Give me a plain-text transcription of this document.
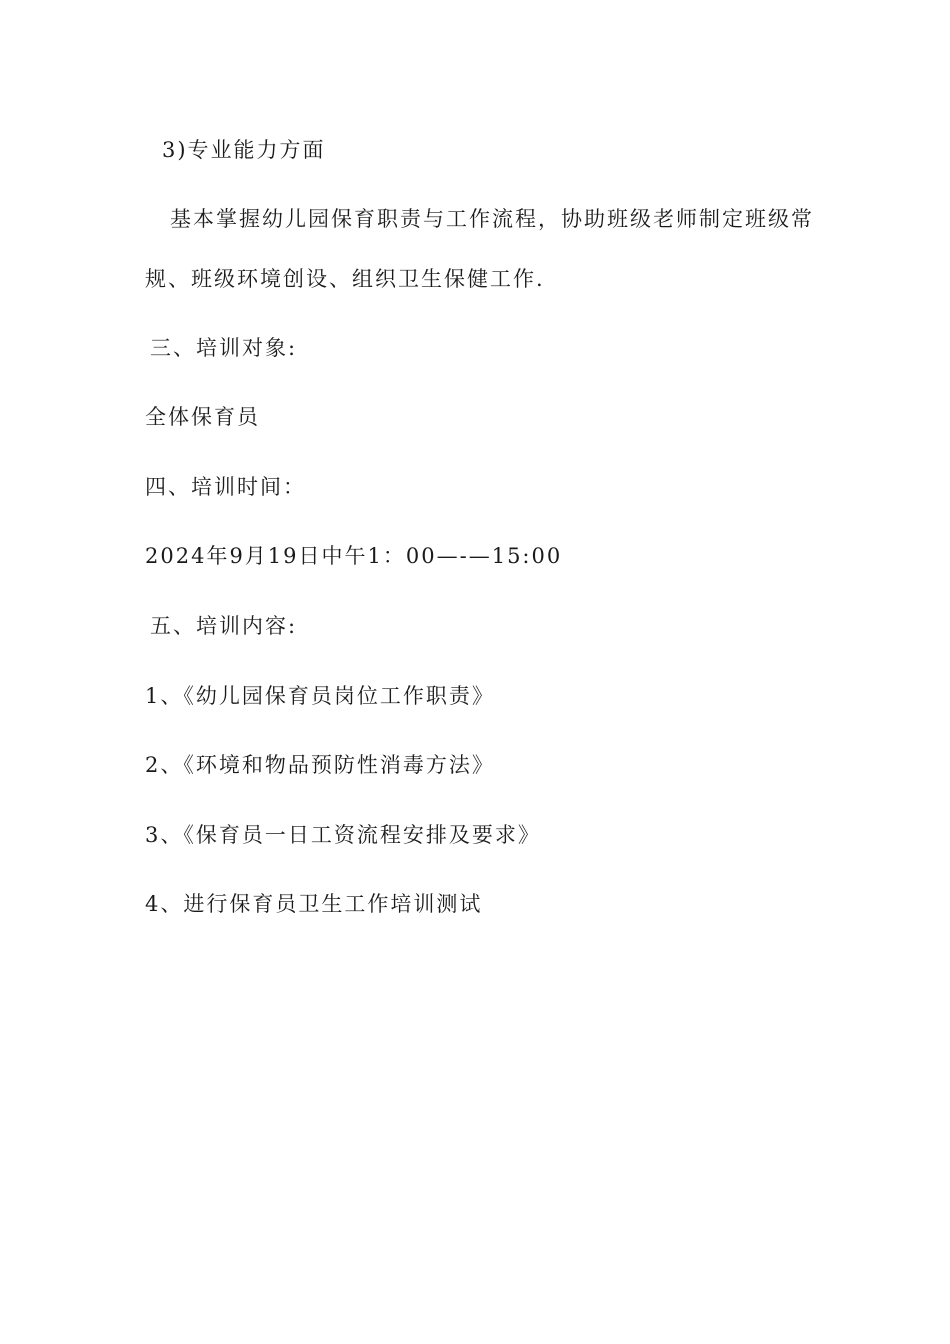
3)专业能力方面
基本掌握幼儿园保育职责与工作流程，协助班级老师制定班级常
规、班级环境创设、组织卫生保健工作.
三、培训对象:
全体保育员
四、培训时间：
2024年9月19日中午1：00—-—15:00
五、培训内容:
1、《幼儿园保育员岗位工作职责》
2、《环境和物品预防性消毒方法》
3、《保育员一日工资流程安排及要求》
4、进行保育员卫生工作培训测试
